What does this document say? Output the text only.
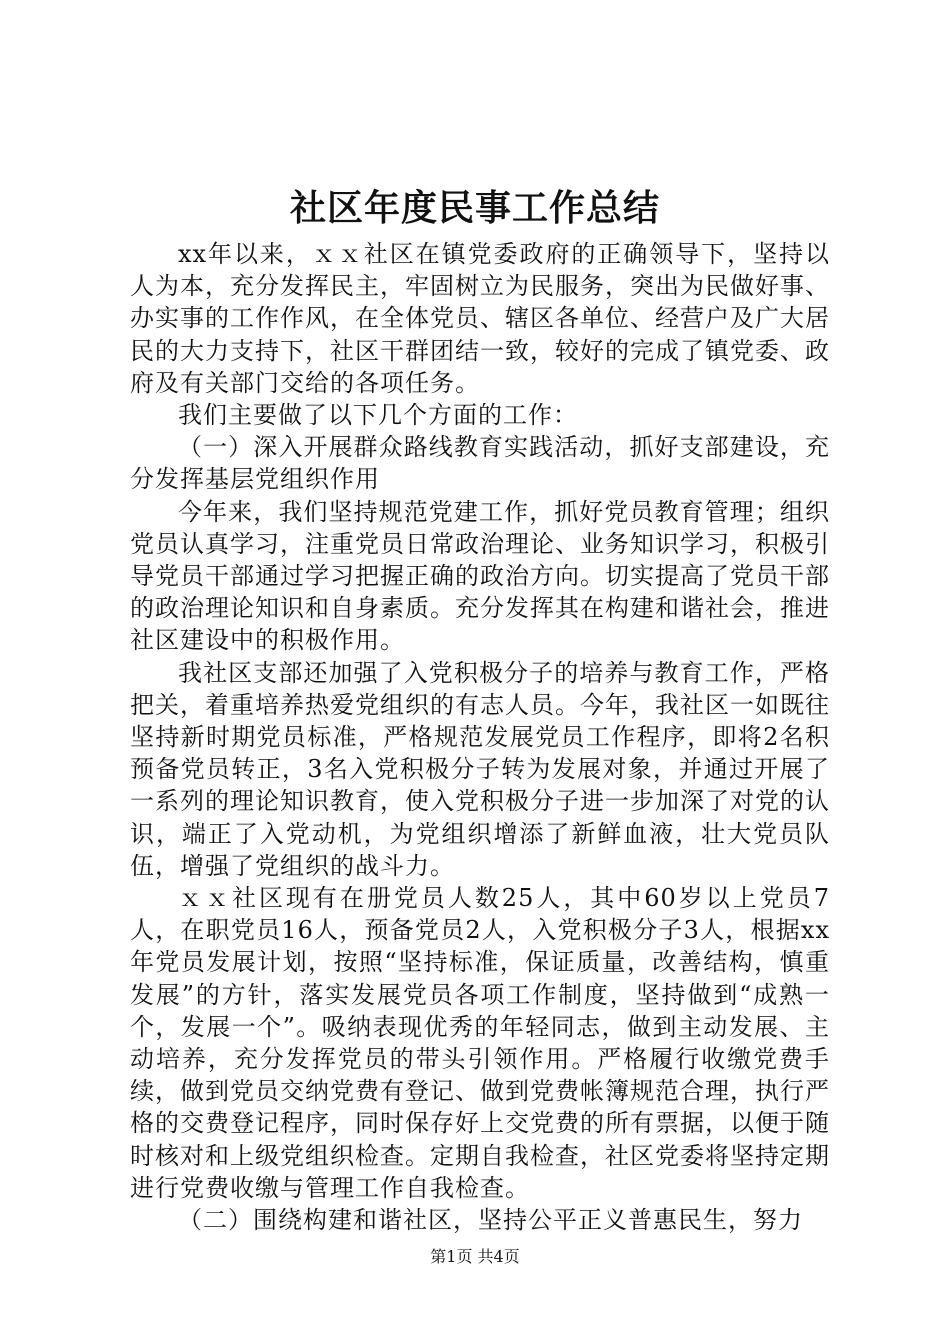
社区年度民事工作总结

xx年以来，ｘｘ社区在镇党委政府的正确领导下，坚持以人为本，充分发挥民主，牢固树立为民服务，突出为民做好事、办实事的工作作风，在全体党员、辖区各单位、经营户及广大居民的大力支持下，社区干群团结一致，较好的完成了镇党委、政府及有关部门交给的各项任务。

我们主要做了以下几个方面的工作：

（一）深入开展群众路线教育实践活动，抓好支部建设，充分发挥基层党组织作用

今年来，我们坚持规范党建工作，抓好党员教育管理；组织党员认真学习，注重党员日常政治理论、业务知识学习，积极引导党员干部通过学习把握正确的政治方向。切实提高了党员干部的政治理论知识和自身素质。充分发挥其在构建和谐社会，推进社区建设中的积极作用。

我社区支部还加强了入党积极分子的培养与教育工作，严格把关，着重培养热爱党组织的有志人员。今年，我社区一如既往坚持新时期党员标准，严格规范发展党员工作程序，即将2名积预备党员转正，3名入党积极分子转为发展对象，并通过开展了一系列的理论知识教育，使入党积极分子进一步加深了对党的认识，端正了入党动机，为党组织增添了新鲜血液，壮大党员队伍，增强了党组织的战斗力。

ｘｘ社区现有在册党员人数25人，其中60岁以上党员7人，在职党员16人，预备党员2人，入党积极分子3人，根据xx年党员发展计划，按照“坚持标准，保证质量，改善结构，慎重发展”的方针，落实发展党员各项工作制度，坚持做到“成熟一个，发展一个”。吸纳表现优秀的年轻同志，做到主动发展、主动培养，充分发挥党员的带头引领作用。严格履行收缴党费手续，做到党员交纳党费有登记、做到党费帐簿规范合理，执行严格的交费登记程序，同时保存好上交党费的所有票据，以便于随时核对和上级党组织检查。定期自我检查，社区党委将坚持定期进行党费收缴与管理工作自我检查。

（二）围绕构建和谐社区，坚持公平正义普惠民生，努力

第1页 共4页
